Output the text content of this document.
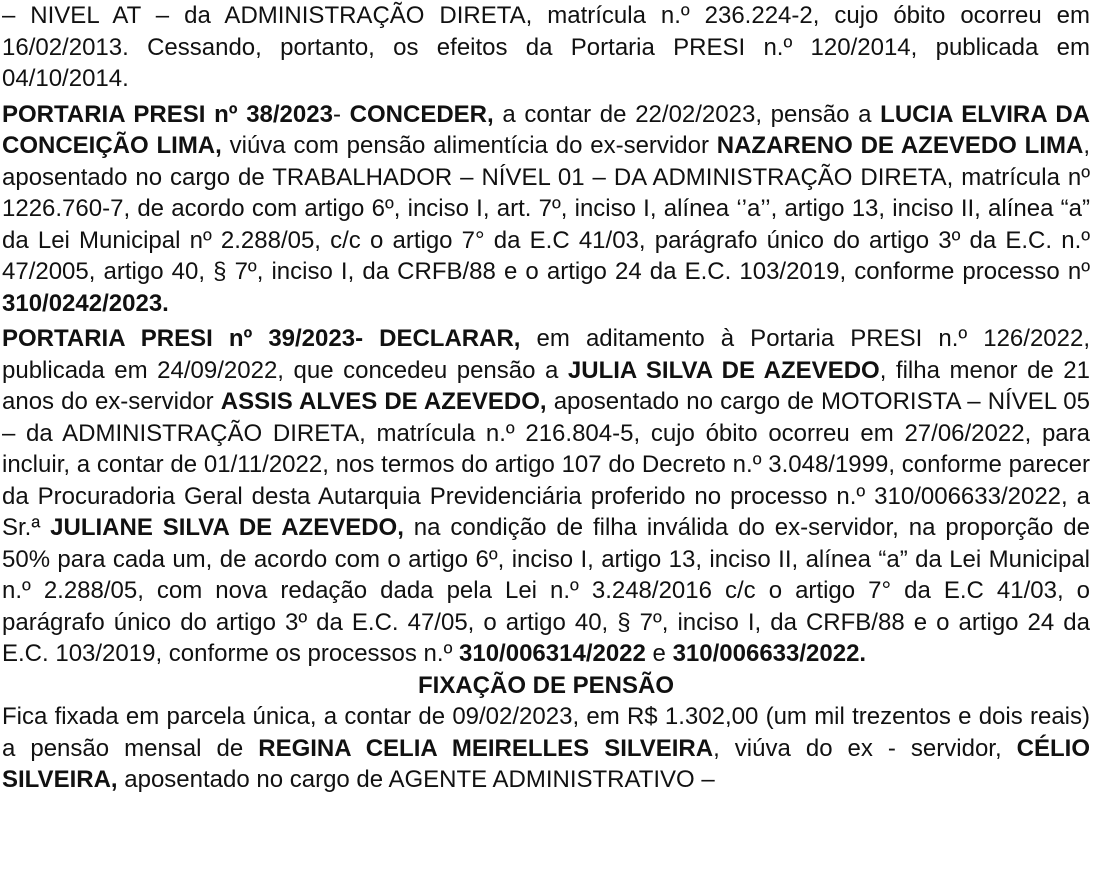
– NIVEL AT – da ADMINISTRAÇÃO DIRETA, matrícula n.º 236.224-2, cujo óbito ocorreu em 16/02/2013. Cessando, portanto, os efeitos da Portaria PRESI n.º 120/2014, publicada em 04/10/2014.

PORTARIA PRESI nº 38/2023- CONCEDER, a contar de 22/02/2023, pensão a LUCIA ELVIRA DA CONCEIÇÃO LIMA, viúva com pensão alimentícia do ex-servidor NAZARENO DE AZEVEDO LIMA, aposentado no cargo de TRABALHADOR – NÍVEL 01 – DA ADMINISTRAÇÃO DIRETA, matrícula nº 1226.760-7, de acordo com artigo 6º, inciso I, art. 7º, inciso I, alínea ‘’a’’, artigo 13, inciso II, alínea “a” da Lei Municipal nº 2.288/05, c/c o artigo 7° da E.C 41/03, parágrafo único do artigo 3º da E.C. n.º 47/2005, artigo 40, § 7º, inciso I, da CRFB/88 e o artigo 24 da E.C. 103/2019, conforme processo nº 310/0242/2023.

PORTARIA PRESI nº 39/2023- DECLARAR, em aditamento à Portaria PRESI n.º 126/2022, publicada em 24/09/2022, que concedeu pensão a JULIA SILVA DE AZEVEDO, filha menor de 21 anos do ex-servidor ASSIS ALVES DE AZEVEDO, aposentado no cargo de MOTORISTA – NÍVEL 05 – da ADMINISTRAÇÃO DIRETA, matrícula n.º 216.804-5, cujo óbito ocorreu em 27/06/2022, para incluir, a contar de 01/11/2022, nos termos do artigo 107 do Decreto n.º 3.048/1999, conforme parecer da Procuradoria Geral desta Autarquia Previdenciária proferido no processo n.º 310/006633/2022, a Sr.ª JULIANE SILVA DE AZEVEDO, na condição de filha inválida do ex-servidor, na proporção de 50% para cada um, de acordo com o artigo 6º, inciso I, artigo 13, inciso II, alínea “a” da Lei Municipal n.º 2.288/05, com nova redação dada pela Lei n.º 3.248/2016 c/c o artigo 7° da E.C 41/03, o parágrafo único do artigo 3º da E.C. 47/05, o artigo 40, § 7º, inciso I, da CRFB/88 e o artigo 24 da E.C. 103/2019, conforme os processos n.º 310/006314/2022 e 310/006633/2022.

FIXAÇÃO DE PENSÃO

Fica fixada em parcela única, a contar de 09/02/2023, em R$ 1.302,00 (um mil trezentos e dois reais) a pensão mensal de REGINA CELIA MEIRELLES SILVEIRA, viúva do ex - servidor, CÉLIO SILVEIRA, aposentado no cargo de AGENTE ADMINISTRATIVO –
